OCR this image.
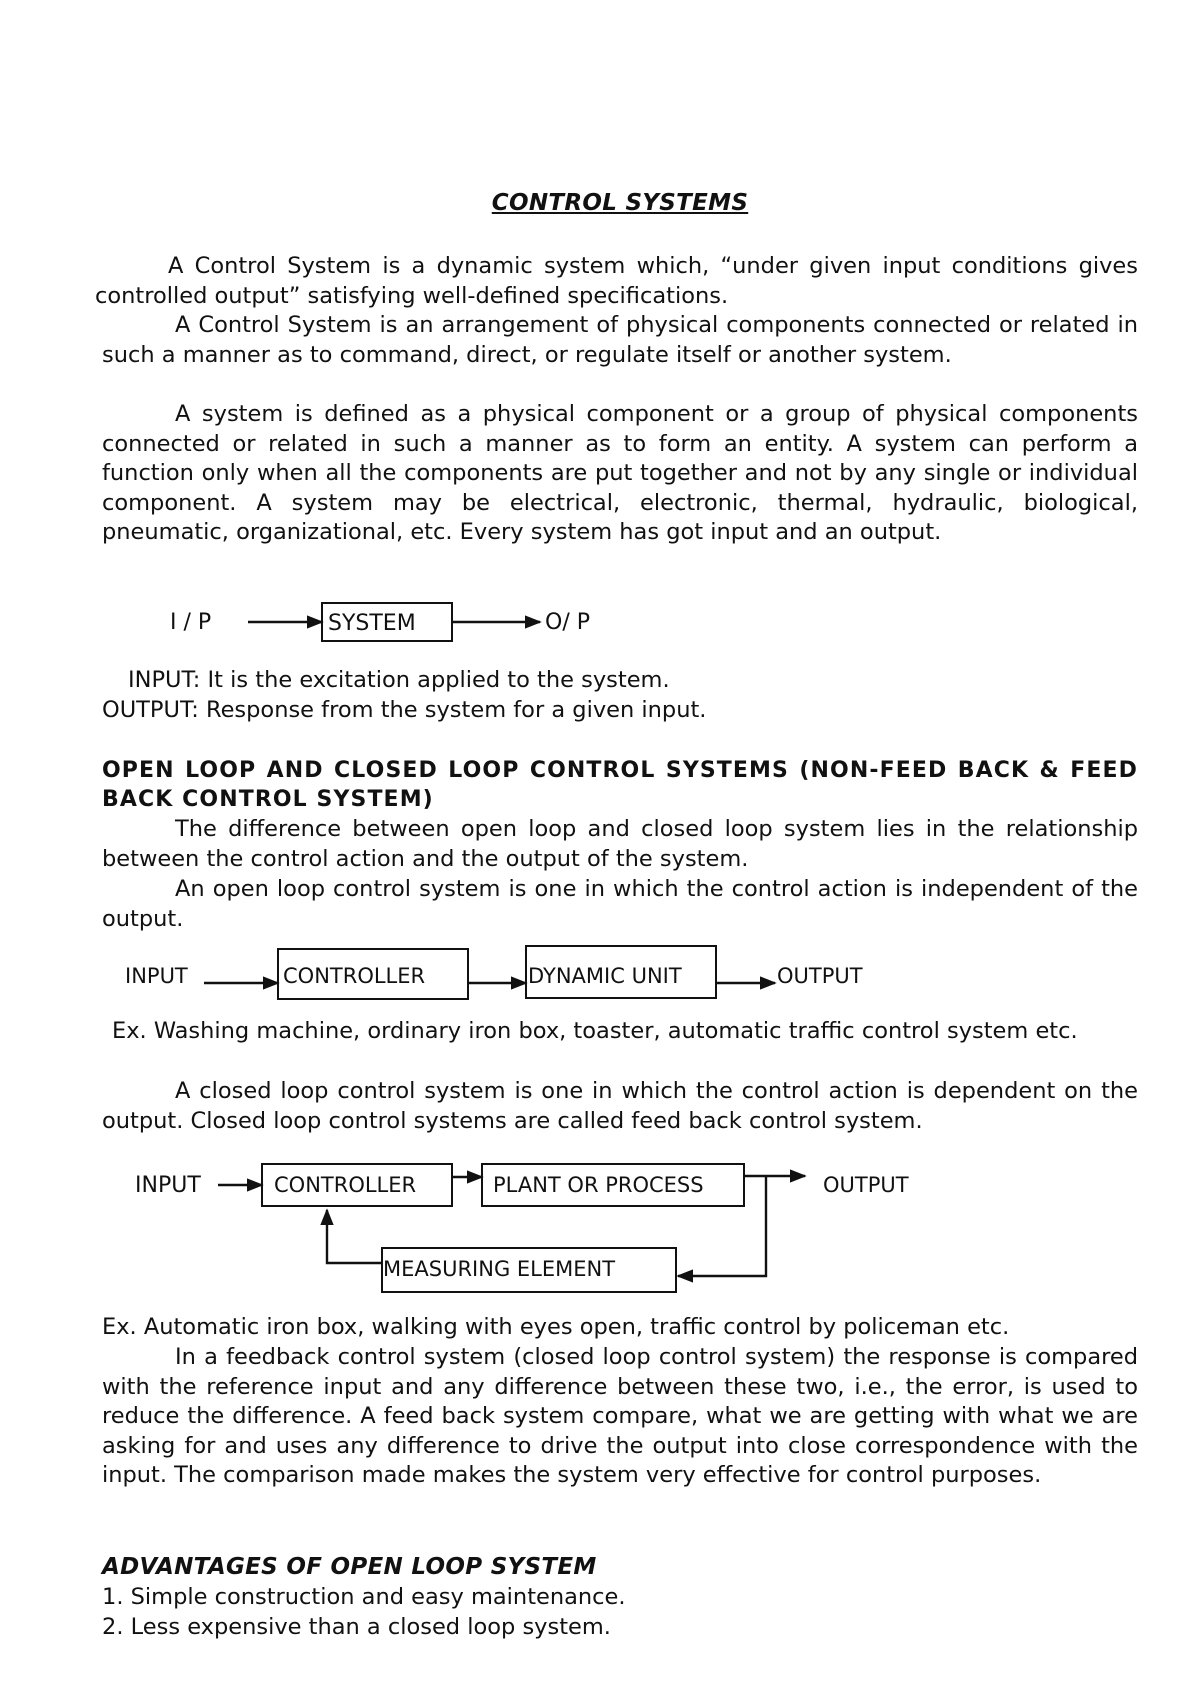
CONTROL SYSTEMS
A Control System is a dynamic system which, “under given input conditions gives controlled output” satisfying well-defined specifications.
A Control System is an arrangement of physical components connected or related in such a manner as to command, direct, or regulate itself or another system.
A system is defined as a physical component or a group of physical components connected or related in such a manner as to form an entity. A system can perform a function only when all the components are put together and not by any single or individual component. A system may be electrical, electronic, thermal, hydraulic, biological, pneumatic, organizational, etc. Every system has got input and an output.
I / P	SYSTEM	O/ P
INPUT	CONTROLLER	DYNAMIC UNIT	OUTPUT
INPUT	CONTROLLER	PLANT OR PROCESS	OUTPUT
MEASURING ELEMENT
INPUT: It is the excitation applied to the system.
OUTPUT: Response from the system for a given input.
OPEN LOOP AND CLOSED LOOP CONTROL SYSTEMS (NON-FEED BACK & FEED BACK CONTROL SYSTEM)
The difference between open loop and closed loop system lies in the relationship between the control action and the output of the system.
An open loop control system is one in which the control action is independent of the output.
Ex. Washing machine, ordinary iron box, toaster, automatic traffic control system etc.
A closed loop control system is one in which the control action is dependent on the output. Closed loop control systems are called feed back control system.
Ex. Automatic iron box, walking with eyes open, traffic control by policeman etc.
In a feedback control system (closed loop control system) the response is compared with the reference input and any difference between these two, i.e., the error, is used to reduce the difference. A feed back system compare, what we are getting with what we are asking for and uses any difference to drive the output into close correspondence with the input. The comparison made makes the system very effective for control purposes.
ADVANTAGES OF OPEN LOOP SYSTEM
1. Simple construction and easy maintenance.
2. Less expensive than a closed loop system.
